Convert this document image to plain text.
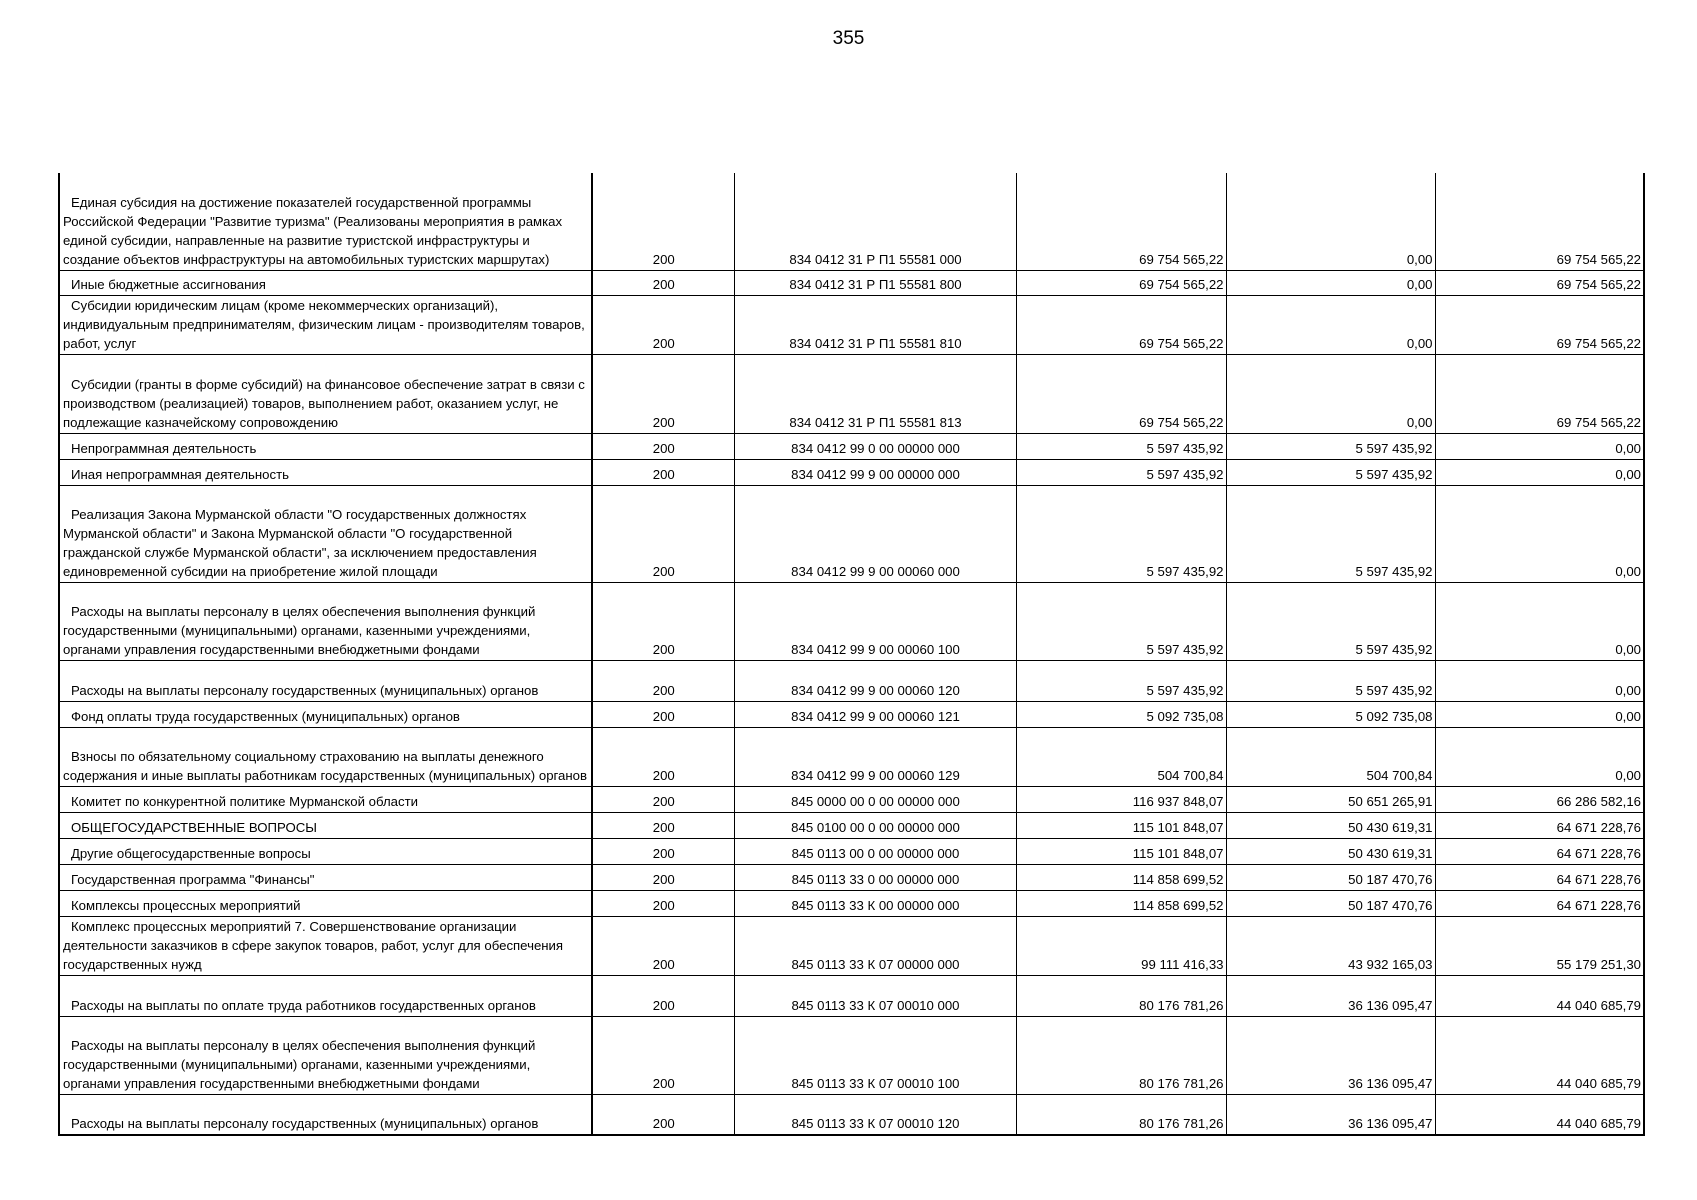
355
Единая субсидия на достижение показателей государственной программы Российской Федерации "Развитие туризма" (Реализованы мероприятия в рамках единой субсидии, направленные на развитие туристской инфраструктуры и создание объектов инфраструктуры на автомобильных туристских маршрутах)	200	834 0412 31 Р П1 55581 000	69 754 565,22	0,00	69 754 565,22

Иные бюджетные ассигнования	200	834 0412 31 Р П1 55581 800	69 754 565,22	0,00	69 754 565,22

Субсидии юридическим лицам (кроме некоммерческих организаций), индивидуальным предпринимателям, физическим лицам - производителям товаров, работ, услуг	200	834 0412 31 Р П1 55581 810	69 754 565,22	0,00	69 754 565,22

Субсидии (гранты в форме субсидий) на финансовое обеспечение затрат в связи с производством (реализацией) товаров, выполнением работ, оказанием услуг, не подлежащие казначейскому сопровождению	200	834 0412 31 Р П1 55581 813	69 754 565,22	0,00	69 754 565,22

Непрограммная деятельность	200	834 0412 99 0 00 00000 000	5 597 435,92	5 597 435,92	0,00

Иная непрограммная деятельность	200	834 0412 99 9 00 00000 000	5 597 435,92	5 597 435,92	0,00

Реализация Закона Мурманской области "О государственных должностях Мурманской области" и Закона Мурманской области "О государственной гражданской службе Мурманской области", за исключением предоставления единовременной субсидии на приобретение жилой площади	200	834 0412 99 9 00 00060 000	5 597 435,92	5 597 435,92	0,00

Расходы на выплаты персоналу в целях обеспечения выполнения функций государственными (муниципальными) органами, казенными учреждениями, органами управления государственными внебюджетными фондами	200	834 0412 99 9 00 00060 100	5 597 435,92	5 597 435,92	0,00

Расходы на выплаты персоналу государственных (муниципальных) органов	200	834 0412 99 9 00 00060 120	5 597 435,92	5 597 435,92	0,00

Фонд оплаты труда государственных (муниципальных) органов	200	834 0412 99 9 00 00060 121	5 092 735,08	5 092 735,08	0,00

Взносы по обязательному социальному страхованию на выплаты денежного содержания и иные выплаты работникам государственных (муниципальных) органов	200	834 0412 99 9 00 00060 129	504 700,84	504 700,84	0,00

Комитет по конкурентной политике Мурманской области	200	845 0000 00 0 00 00000 000	116 937 848,07	50 651 265,91	66 286 582,16

ОБЩЕГОСУДАРСТВЕННЫЕ ВОПРОСЫ	200	845 0100 00 0 00 00000 000	115 101 848,07	50 430 619,31	64 671 228,76

Другие общегосударственные вопросы	200	845 0113 00 0 00 00000 000	115 101 848,07	50 430 619,31	64 671 228,76

Государственная программа "Финансы"	200	845 0113 33 0 00 00000 000	114 858 699,52	50 187 470,76	64 671 228,76

Комплексы процессных мероприятий	200	845 0113 33 К 00 00000 000	114 858 699,52	50 187 470,76	64 671 228,76

Комплекс процессных мероприятий 7. Совершенствование организации деятельности заказчиков в сфере закупок товаров, работ, услуг для обеспечения государственных нужд	200	845 0113 33 К 07 00000 000	99 111 416,33	43 932 165,03	55 179 251,30

Расходы на выплаты по оплате труда работников государственных органов	200	845 0113 33 К 07 00010 000	80 176 781,26	36 136 095,47	44 040 685,79

Расходы на выплаты персоналу в целях обеспечения выполнения функций государственными (муниципальными) органами, казенными учреждениями, органами управления государственными внебюджетными фондами	200	845 0113 33 К 07 00010 100	80 176 781,26	36 136 095,47	44 040 685,79

Расходы на выплаты персоналу государственных (муниципальных) органов	200	845 0113 33 К 07 00010 120	80 176 781,26	36 136 095,47	44 040 685,79
